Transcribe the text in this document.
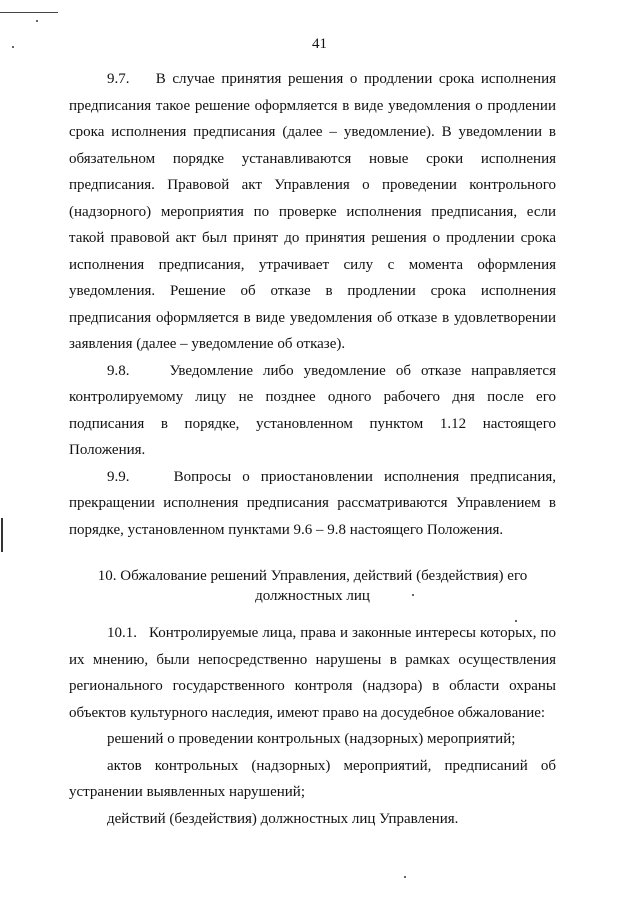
41

9.7.    В случае принятия решения о продлении срока исполнения предписания такое решение оформляется в виде уведомления о продлении срока исполнения предписания (далее – уведомление). В уведомлении в обязательном порядке устанавливаются новые сроки исполнения предписания. Правовой акт Управления о проведении контрольного (надзорного) мероприятия по проверке исполнения предписания, если такой правовой акт был принят до принятия решения о продлении срока исполнения предписания, утрачивает силу с момента оформления уведомления. Решение об отказе в продлении срока исполнения предписания оформляется в виде уведомления об отказе в удовлетворении заявления (далее – уведомление об отказе).

9.8.    Уведомление либо уведомление об отказе направляется контролируемому лицу не позднее одного рабочего дня после его подписания в порядке, установленном пунктом 1.12 настоящего Положения.

9.9.    Вопросы о приостановлении исполнения предписания, прекращении исполнения предписания рассматриваются Управлением в порядке, установленном пунктами 9.6 – 9.8 настоящего Положения.

10. Обжалование решений Управления, действий (бездействия) его
должностных лиц

10.1.   Контролируемые лица, права и законные интересы которых, по их мнению, были непосредственно нарушены в рамках осуществления регионального государственного контроля (надзора) в области охраны объектов культурного наследия, имеют право на досудебное обжалование:

решений о проведении контрольных (надзорных) мероприятий;

актов контрольных (надзорных) мероприятий, предписаний об устранении выявленных нарушений;

действий (бездействия) должностных лиц Управления.
